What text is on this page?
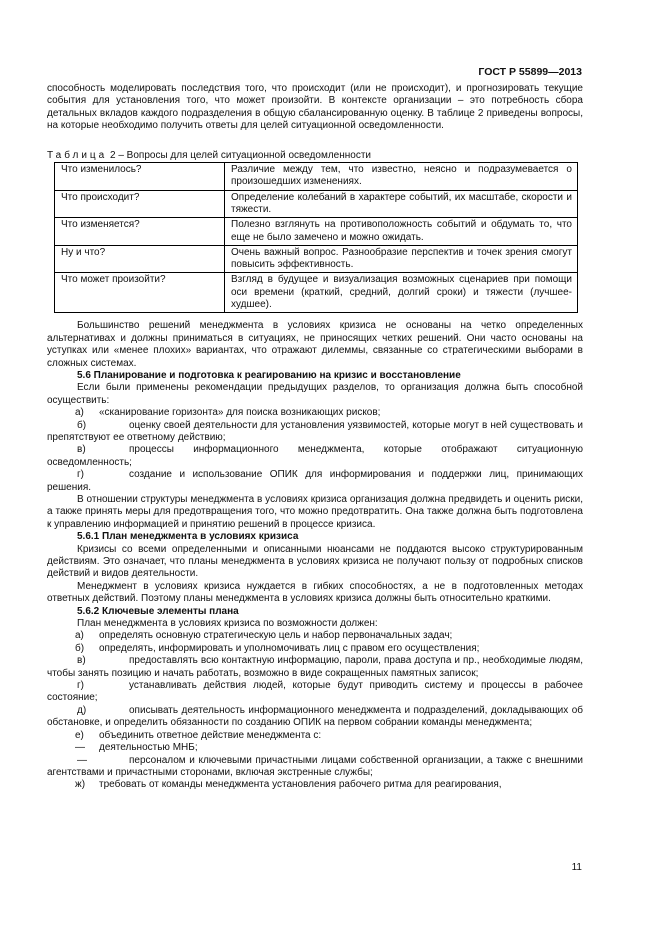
ГОСТ Р 55899—2013

способность моделировать последствия того, что происходит (или не происходит), и прогнозировать текущие события для установления того, что может произойти. В контексте организации – это потребность сбора детальных вкладов каждого подразделения в общую сбалансированную оценку. В таблице 2 приведены вопросы, на которые необходимо получить ответы для целей ситуационной осведомленности.

Таблица 2 – Вопросы для целей ситуационной осведомленности

Что изменилось?	Различие между тем, что известно, неясно и подразумевается о произошедших изменениях.
Что происходит?	Определение колебаний в характере событий, их масштабе, скорости и тяжести.
Что изменяется?	Полезно взглянуть на противоположность событий и обдумать то, что еще не было замечено и можно ожидать.
Ну и что?	Очень важный вопрос. Разнообразие перспектив и точек зрения смогут повысить эффективность.
Что может произойти?	Взгляд в будущее и визуализация возможных сценариев при помощи оси времени (краткий, средний, долгий сроки) и тяжести (лучшее-худшее).

Большинство решений менеджмента в условиях кризиса не основаны на четко определенных альтернативах и должны приниматься в ситуациях, не приносящих четких решений. Они часто основаны на уступках или «менее плохих» вариантах, что отражают дилеммы, связанные со стратегическими выборами в сложных системах.

5.6 Планирование и подготовка к реагированию на кризис и восстановление

Если были применены рекомендации предыдущих разделов, то организация должна быть способной осуществить:

а)	«сканирование горизонта» для поиска возникающих рисков;

б)	оценку своей деятельности для установления уязвимостей, которые могут в ней существовать и препятствуют ее ответному действию;

в)	процессы информационного менеджмента, которые отображают ситуационную осведомленность;

г)	создание и использование ОПИК для информирования и поддержки лиц, принимающих решения.

В отношении структуры менеджмента в условиях кризиса организация должна предвидеть и оценить риски, а также принять меры для предотвращения того, что можно предотвратить. Она также должна быть подготовлена к управлению информацией и принятию решений в процессе кризиса.

5.6.1 План менеджмента в условиях кризиса

Кризисы со всеми определенными и описанными нюансами не поддаются высоко структурированным действиям. Это означает, что планы менеджмента в условиях кризиса не получают пользу от подробных списков действий и видов деятельности.

Менеджмент в условиях кризиса нуждается в гибких способностях, а не в подготовленных методах ответных действий. Поэтому планы менеджмента в условиях кризиса должны быть относительно краткими.

5.6.2 Ключевые элементы плана

План менеджмента в условиях кризиса по возможности должен:

а)	определять основную стратегическую цель и набор первоначальных задач;
б)	определять, информировать и уполномочивать лиц с правом его осуществления;

в)	предоставлять всю контактную информацию, пароли, права доступа и пр., необходимые людям, чтобы занять позицию и начать работать, возможно в виде сокращенных памятных записок;

г)	устанавливать действия людей, которые будут приводить систему и процессы в рабочее состояние;

д)	описывать деятельность информационного менеджмента и подразделений, докладывающих об обстановке, и определить обязанности по созданию ОПИК на первом собрании команды менеджмента;

е)	объединить ответное действие менеджмента с:
—	деятельностью МНБ;

—	персоналом и ключевыми причастными лицами собственной организации, а также с внешними агентствами и причастными сторонами, включая экстренные службы;

ж)	требовать от команды менеджмента установления рабочего ритма для реагирования,
11
